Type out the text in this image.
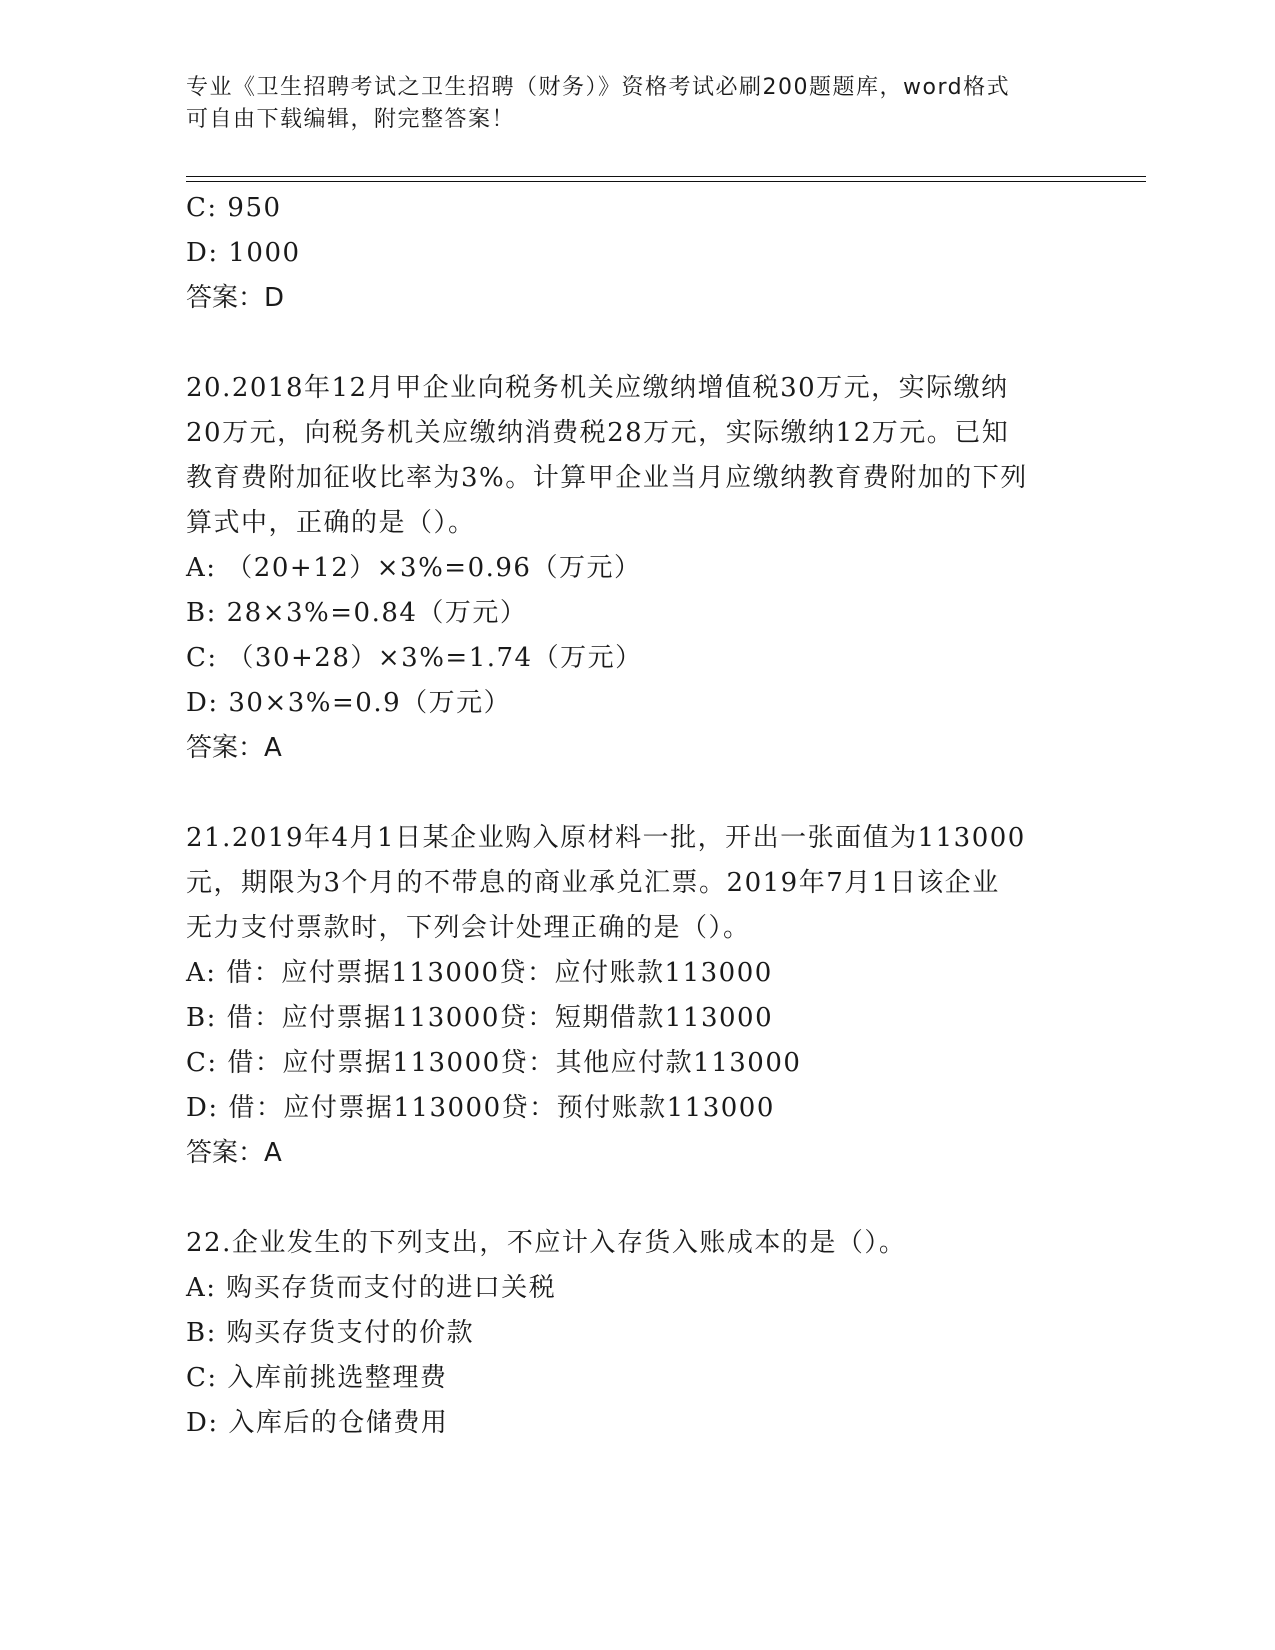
专业《卫生招聘考试之卫生招聘（财务）》资格考试必刷200题题库，word格式
可自由下载编辑，附完整答案！
C: 950
D: 1000
答案：D
20.2018年12月甲企业向税务机关应缴纳增值税30万元，实际缴纳
20万元，向税务机关应缴纳消费税28万元，实际缴纳12万元。已知
教育费附加征收比率为3%。计算甲企业当月应缴纳教育费附加的下列
算式中，正确的是（）。
A: （20+12）×3%=0.96（万元）
B: 28×3%=0.84（万元）
C: （30+28）×3%=1.74（万元）
D: 30×3%=0.9（万元）
答案：A
21.2019年4月1日某企业购入原材料一批，开出一张面值为113000
元，期限为3个月的不带息的商业承兑汇票。2019年7月1日该企业
无力支付票款时，下列会计处理正确的是（）。
A: 借：应付票据113000贷：应付账款113000
B: 借：应付票据113000贷：短期借款113000
C: 借：应付票据113000贷：其他应付款113000
D: 借：应付票据113000贷：预付账款113000
答案：A
22.企业发生的下列支出，不应计入存货入账成本的是（）。
A: 购买存货而支付的进口关税
B: 购买存货支付的价款
C: 入库前挑选整理费
D: 入库后的仓储费用
